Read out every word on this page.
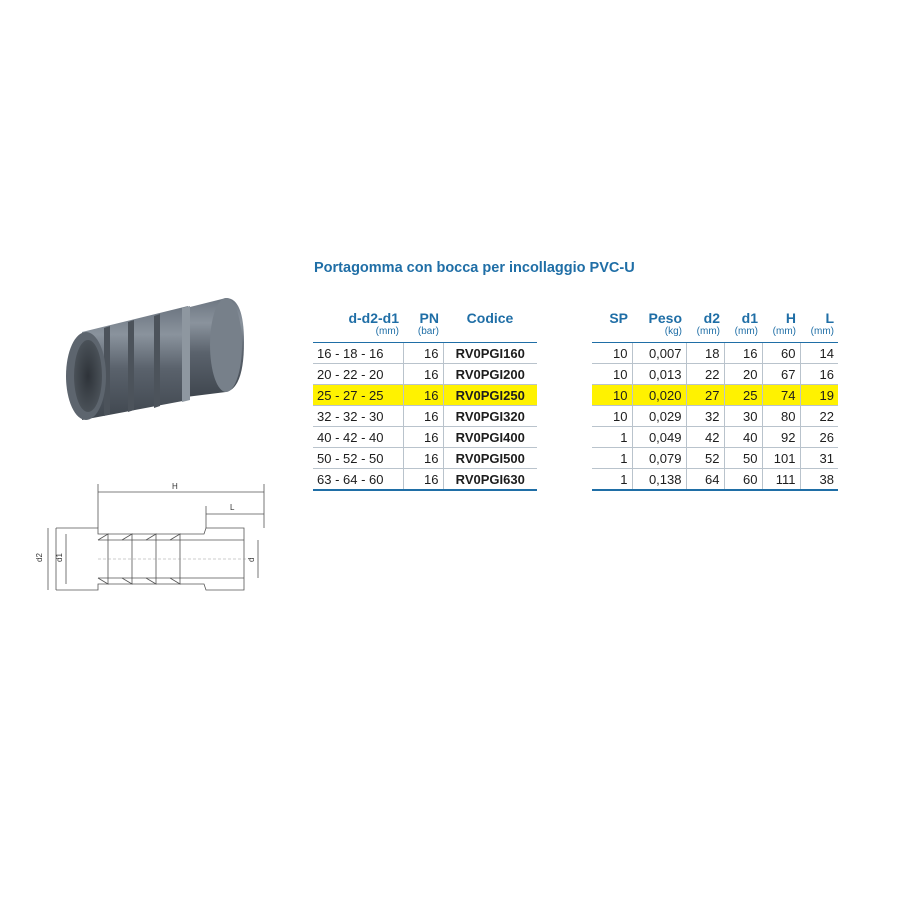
Portagomma con bocca per incollaggio PVC-U
H
L
d2 d1	d
d-d2-d1	PN	Codice
(mm)	(bar)	
16 - 18 - 16	16	RV0PGI160
20 - 22 - 20	16	RV0PGI200
25 - 27 - 25	16	RV0PGI250
32 - 32 - 30	16	RV0PGI320
40 - 42 - 40	16	RV0PGI400
50 - 52 - 50	16	RV0PGI500
63 - 64 - 60	16	RV0PGI630
SP	Peso	d2	d1	H	L
	(kg)	(mm)	(mm)	(mm)	(mm)
10	0,007	18	16	60	14
10	0,013	22	20	67	16
10	0,020	27	25	74	19
10	0,029	32	30	80	22
1	0,049	42	40	92	26
1	0,079	52	50	101	31
1	0,138	64	60	111	38
